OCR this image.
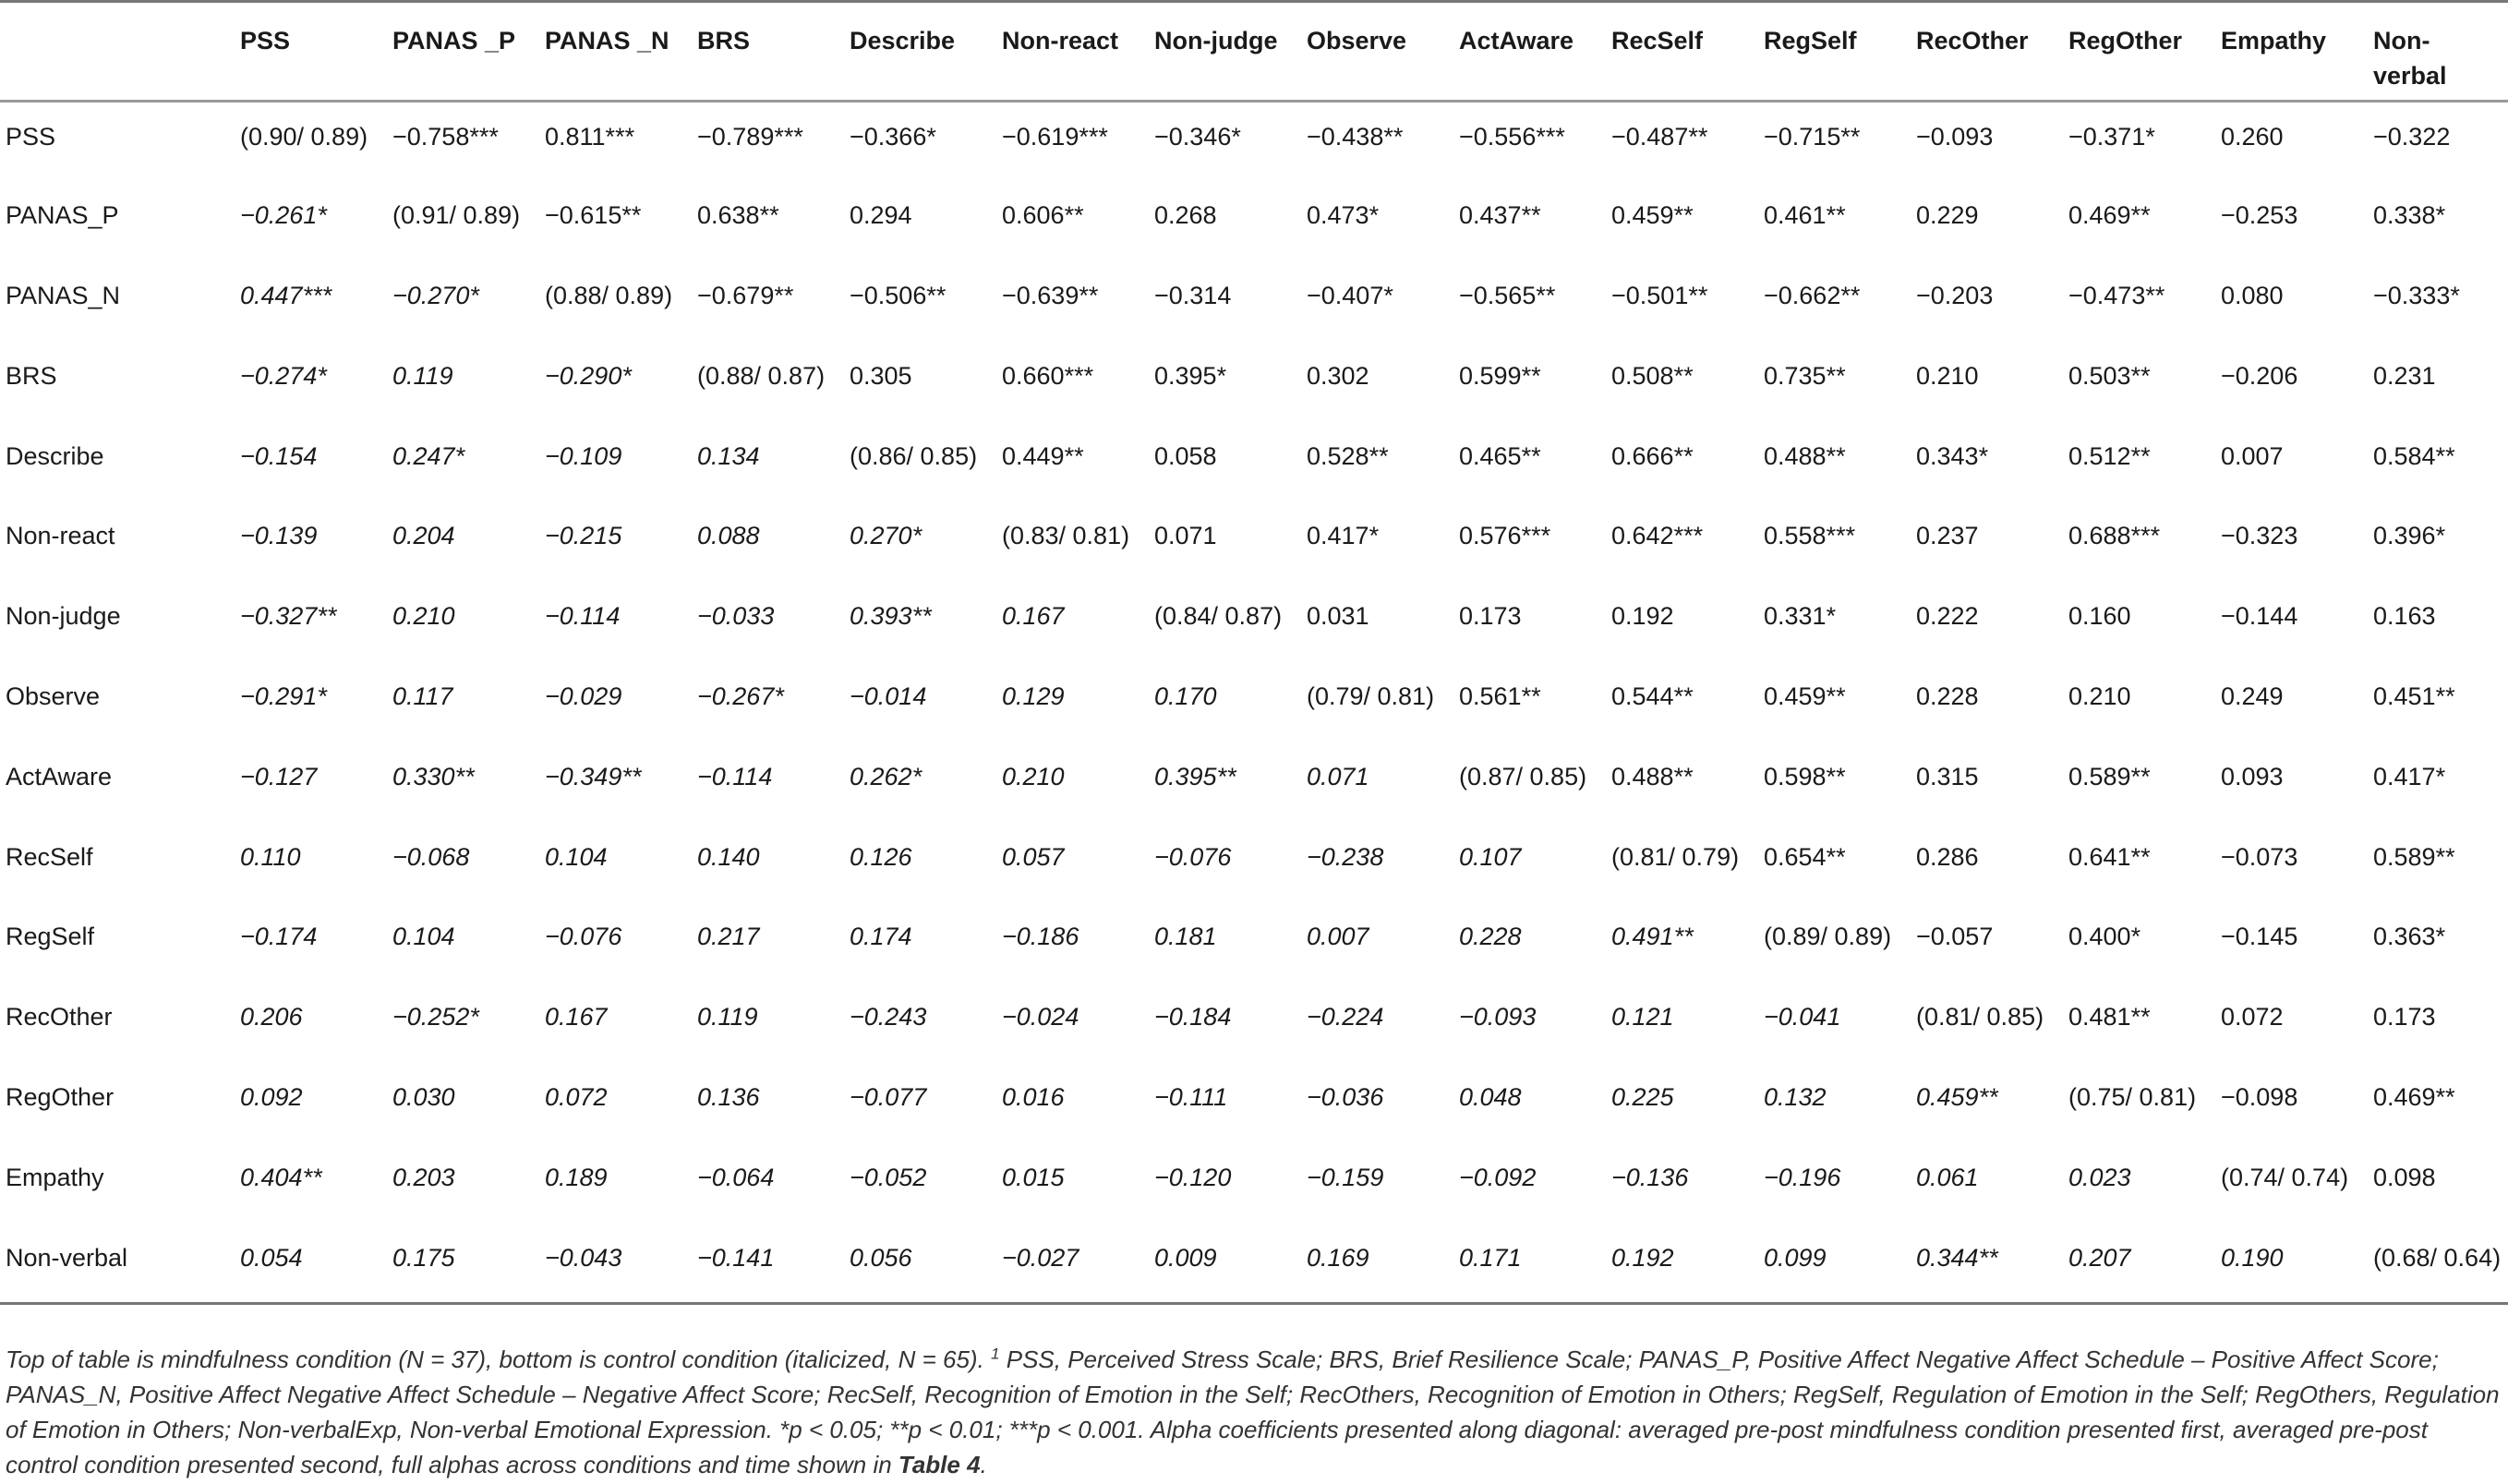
	PSS	PANAS _P	PANAS _N	BRS	Describe	Non-react	Non-judge	Observe	ActAware	RecSelf	RegSelf	RecOther	RegOther	Empathy	Non-verbal
PSS	(0.90/ 0.89)	−0.758***	0.811***	−0.789***	−0.366*	−0.619***	−0.346*	−0.438**	−0.556***	−0.487**	−0.715**	−0.093	−0.371*	0.260	−0.322
PANAS_P	−0.261*	(0.91/ 0.89)	−0.615**	0.638**	0.294	0.606**	0.268	0.473*	0.437**	0.459**	0.461**	0.229	0.469**	−0.253	0.338*
PANAS_N	0.447***	−0.270*	(0.88/ 0.89)	−0.679**	−0.506**	−0.639**	−0.314	−0.407*	−0.565**	−0.501**	−0.662**	−0.203	−0.473**	0.080	−0.333*
BRS	−0.274*	0.119	−0.290*	(0.88/ 0.87)	0.305	0.660***	0.395*	0.302	0.599**	0.508**	0.735**	0.210	0.503**	−0.206	0.231
Describe	−0.154	0.247*	−0.109	0.134	(0.86/ 0.85)	0.449**	0.058	0.528**	0.465**	0.666**	0.488**	0.343*	0.512**	0.007	0.584**
Non-react	−0.139	0.204	−0.215	0.088	0.270*	(0.83/ 0.81)	0.071	0.417*	0.576***	0.642***	0.558***	0.237	0.688***	−0.323	0.396*
Non-judge	−0.327**	0.210	−0.114	−0.033	0.393**	0.167	(0.84/ 0.87)	0.031	0.173	0.192	0.331*	0.222	0.160	−0.144	0.163
Observe	−0.291*	0.117	−0.029	−0.267*	−0.014	0.129	0.170	(0.79/ 0.81)	0.561**	0.544**	0.459**	0.228	0.210	0.249	0.451**
ActAware	−0.127	0.330**	−0.349**	−0.114	0.262*	0.210	0.395**	0.071	(0.87/ 0.85)	0.488**	0.598**	0.315	0.589**	0.093	0.417*
RecSelf	0.110	−0.068	0.104	0.140	0.126	0.057	−0.076	−0.238	0.107	(0.81/ 0.79)	0.654**	0.286	0.641**	−0.073	0.589**
RegSelf	−0.174	0.104	−0.076	0.217	0.174	−0.186	0.181	0.007	0.228	0.491**	(0.89/ 0.89)	−0.057	0.400*	−0.145	0.363*
RecOther	0.206	−0.252*	0.167	0.119	−0.243	−0.024	−0.184	−0.224	−0.093	0.121	−0.041	(0.81/ 0.85)	0.481**	0.072	0.173
RegOther	0.092	0.030	0.072	0.136	−0.077	0.016	−0.111	−0.036	0.048	0.225	0.132	0.459**	(0.75/ 0.81)	−0.098	0.469**
Empathy	0.404**	0.203	0.189	−0.064	−0.052	0.015	−0.120	−0.159	−0.092	−0.136	−0.196	0.061	0.023	(0.74/ 0.74)	0.098
Non-verbal	0.054	0.175	−0.043	−0.141	0.056	−0.027	0.009	0.169	0.171	0.192	0.099	0.344**	0.207	0.190	(0.68/ 0.64)
Top of table is mindfulness condition (N = 37), bottom is control condition (italicized, N = 65). $^1$ PSS, Perceived Stress Scale; BRS, Brief Resilience Scale; PANAS_P, Positive Affect Negative Affect Schedule – Positive Affect Score; PANAS_N, Positive Affect Negative Affect Schedule – Negative Affect Score; RecSelf, Recognition of Emotion in the Self; RecOthers, Recognition of Emotion in Others; RegSelf, Regulation of Emotion in the Self; RegOthers, Regulation of Emotion in Others; Non-verbalExp, Non-verbal Emotional Expression. *p < 0.05; **p < 0.01; ***p < 0.001. Alpha coefficients presented along diagonal: averaged pre-post mindfulness condition presented first, averaged pre-post control condition presented second, full alphas across conditions and time shown in Table 4.
